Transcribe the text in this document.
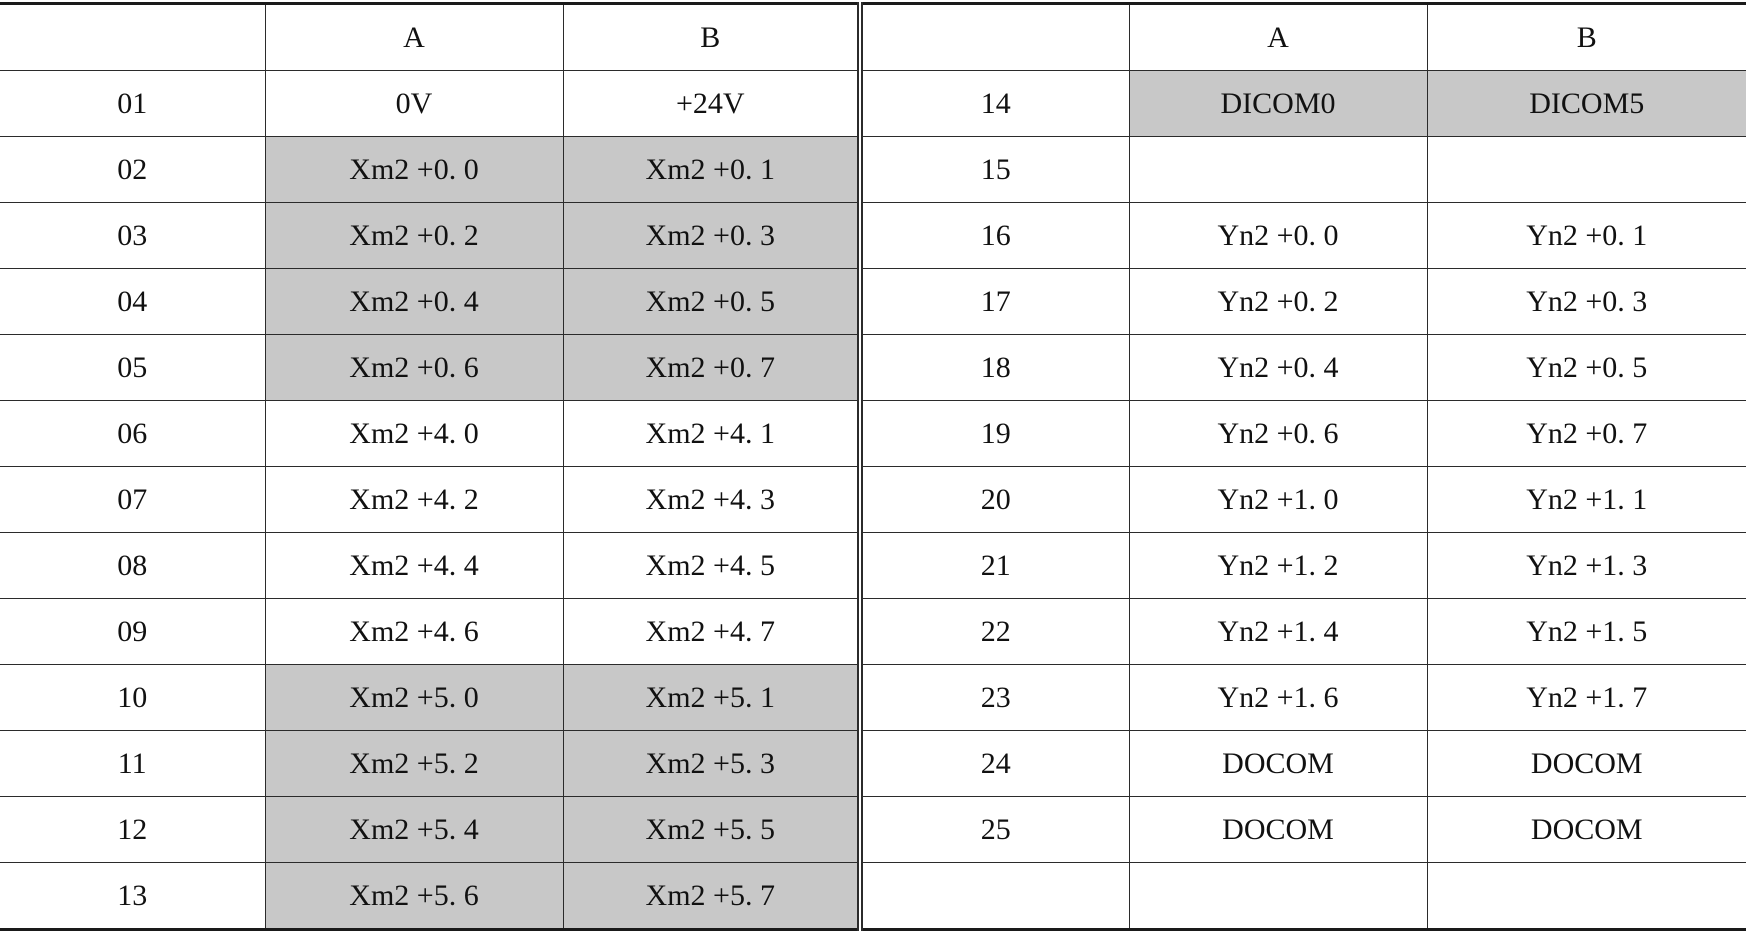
	A	B		A	B
01	0V	+24V	14	DICOM0	DICOM5
02	Xm2 +0. 0	Xm2 +0. 1	15		
03	Xm2 +0. 2	Xm2 +0. 3	16	Yn2 +0. 0	Yn2 +0. 1
04	Xm2 +0. 4	Xm2 +0. 5	17	Yn2 +0. 2	Yn2 +0. 3
05	Xm2 +0. 6	Xm2 +0. 7	18	Yn2 +0. 4	Yn2 +0. 5
06	Xm2 +4. 0	Xm2 +4. 1	19	Yn2 +0. 6	Yn2 +0. 7
07	Xm2 +4. 2	Xm2 +4. 3	20	Yn2 +1. 0	Yn2 +1. 1
08	Xm2 +4. 4	Xm2 +4. 5	21	Yn2 +1. 2	Yn2 +1. 3
09	Xm2 +4. 6	Xm2 +4. 7	22	Yn2 +1. 4	Yn2 +1. 5
10	Xm2 +5. 0	Xm2 +5. 1	23	Yn2 +1. 6	Yn2 +1. 7
11	Xm2 +5. 2	Xm2 +5. 3	24	DOCOM	DOCOM
12	Xm2 +5. 4	Xm2 +5. 5	25	DOCOM	DOCOM
13	Xm2 +5. 6	Xm2 +5. 7			
